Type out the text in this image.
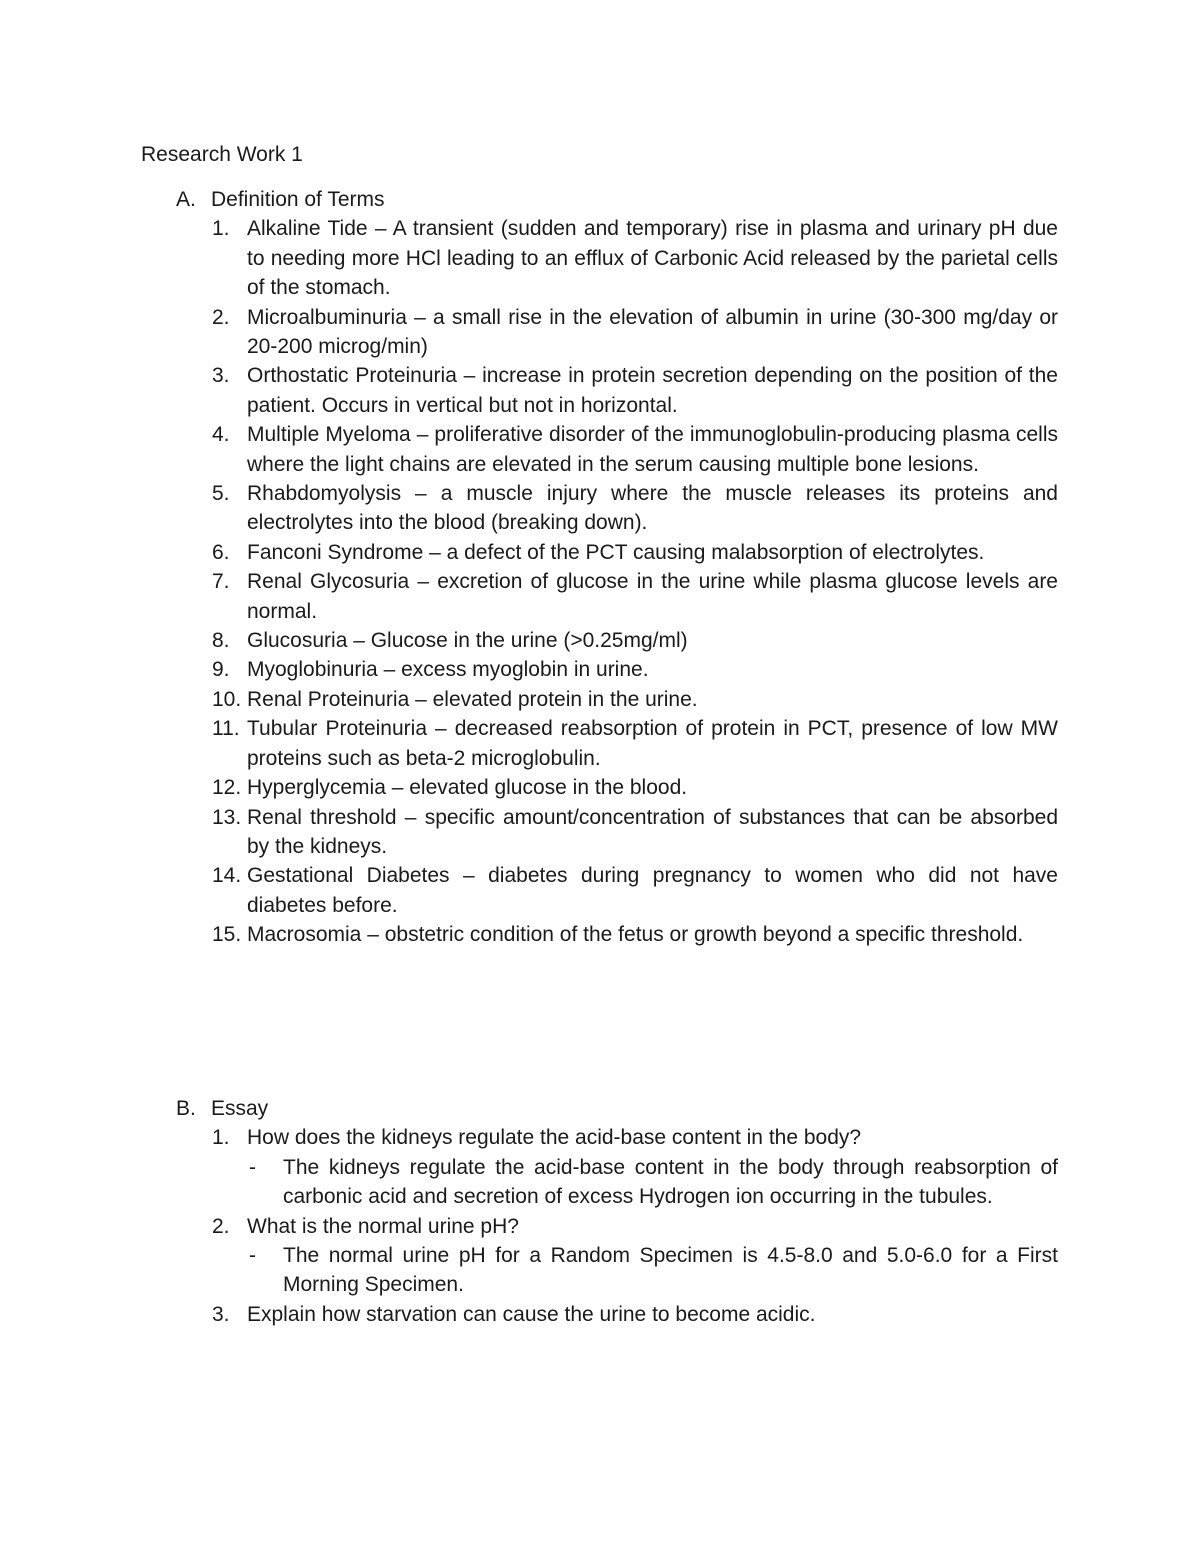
Research Work 1
A. Definition of Terms
1. Alkaline Tide – A transient (sudden and temporary) rise in plasma and urinary pH due to needing more HCl leading to an efflux of Carbonic Acid released by the parietal cells of the stomach.
2. Microalbuminuria – a small rise in the elevation of albumin in urine (30-300 mg/day or 20-200 microg/min)
3. Orthostatic Proteinuria – increase in protein secretion depending on the position of the patient. Occurs in vertical but not in horizontal.
4. Multiple Myeloma – proliferative disorder of the immunoglobulin-producing plasma cells where the light chains are elevated in the serum causing multiple bone lesions.
5. Rhabdomyolysis – a muscle injury where the muscle releases its proteins and electrolytes into the blood (breaking down).
6. Fanconi Syndrome – a defect of the PCT causing malabsorption of electrolytes.
7. Renal Glycosuria – excretion of glucose in the urine while plasma glucose levels are normal.
8. Glucosuria – Glucose in the urine (>0.25mg/ml)
9. Myoglobinuria – excess myoglobin in urine.
10. Renal Proteinuria – elevated protein in the urine.
11. Tubular Proteinuria – decreased reabsorption of protein in PCT, presence of low MW proteins such as beta-2 microglobulin.
12. Hyperglycemia – elevated glucose in the blood.
13. Renal threshold – specific amount/concentration of substances that can be absorbed by the kidneys.
14. Gestational Diabetes – diabetes during pregnancy to women who did not have diabetes before.
15. Macrosomia – obstetric condition of the fetus or growth beyond a specific threshold.
B. Essay
1. How does the kidneys regulate the acid-base content in the body?
- The kidneys regulate the acid-base content in the body through reabsorption of carbonic acid and secretion of excess Hydrogen ion occurring in the tubules.
2. What is the normal urine pH?
- The normal urine pH for a Random Specimen is 4.5-8.0 and 5.0-6.0 for a First Morning Specimen.
3. Explain how starvation can cause the urine to become acidic.
